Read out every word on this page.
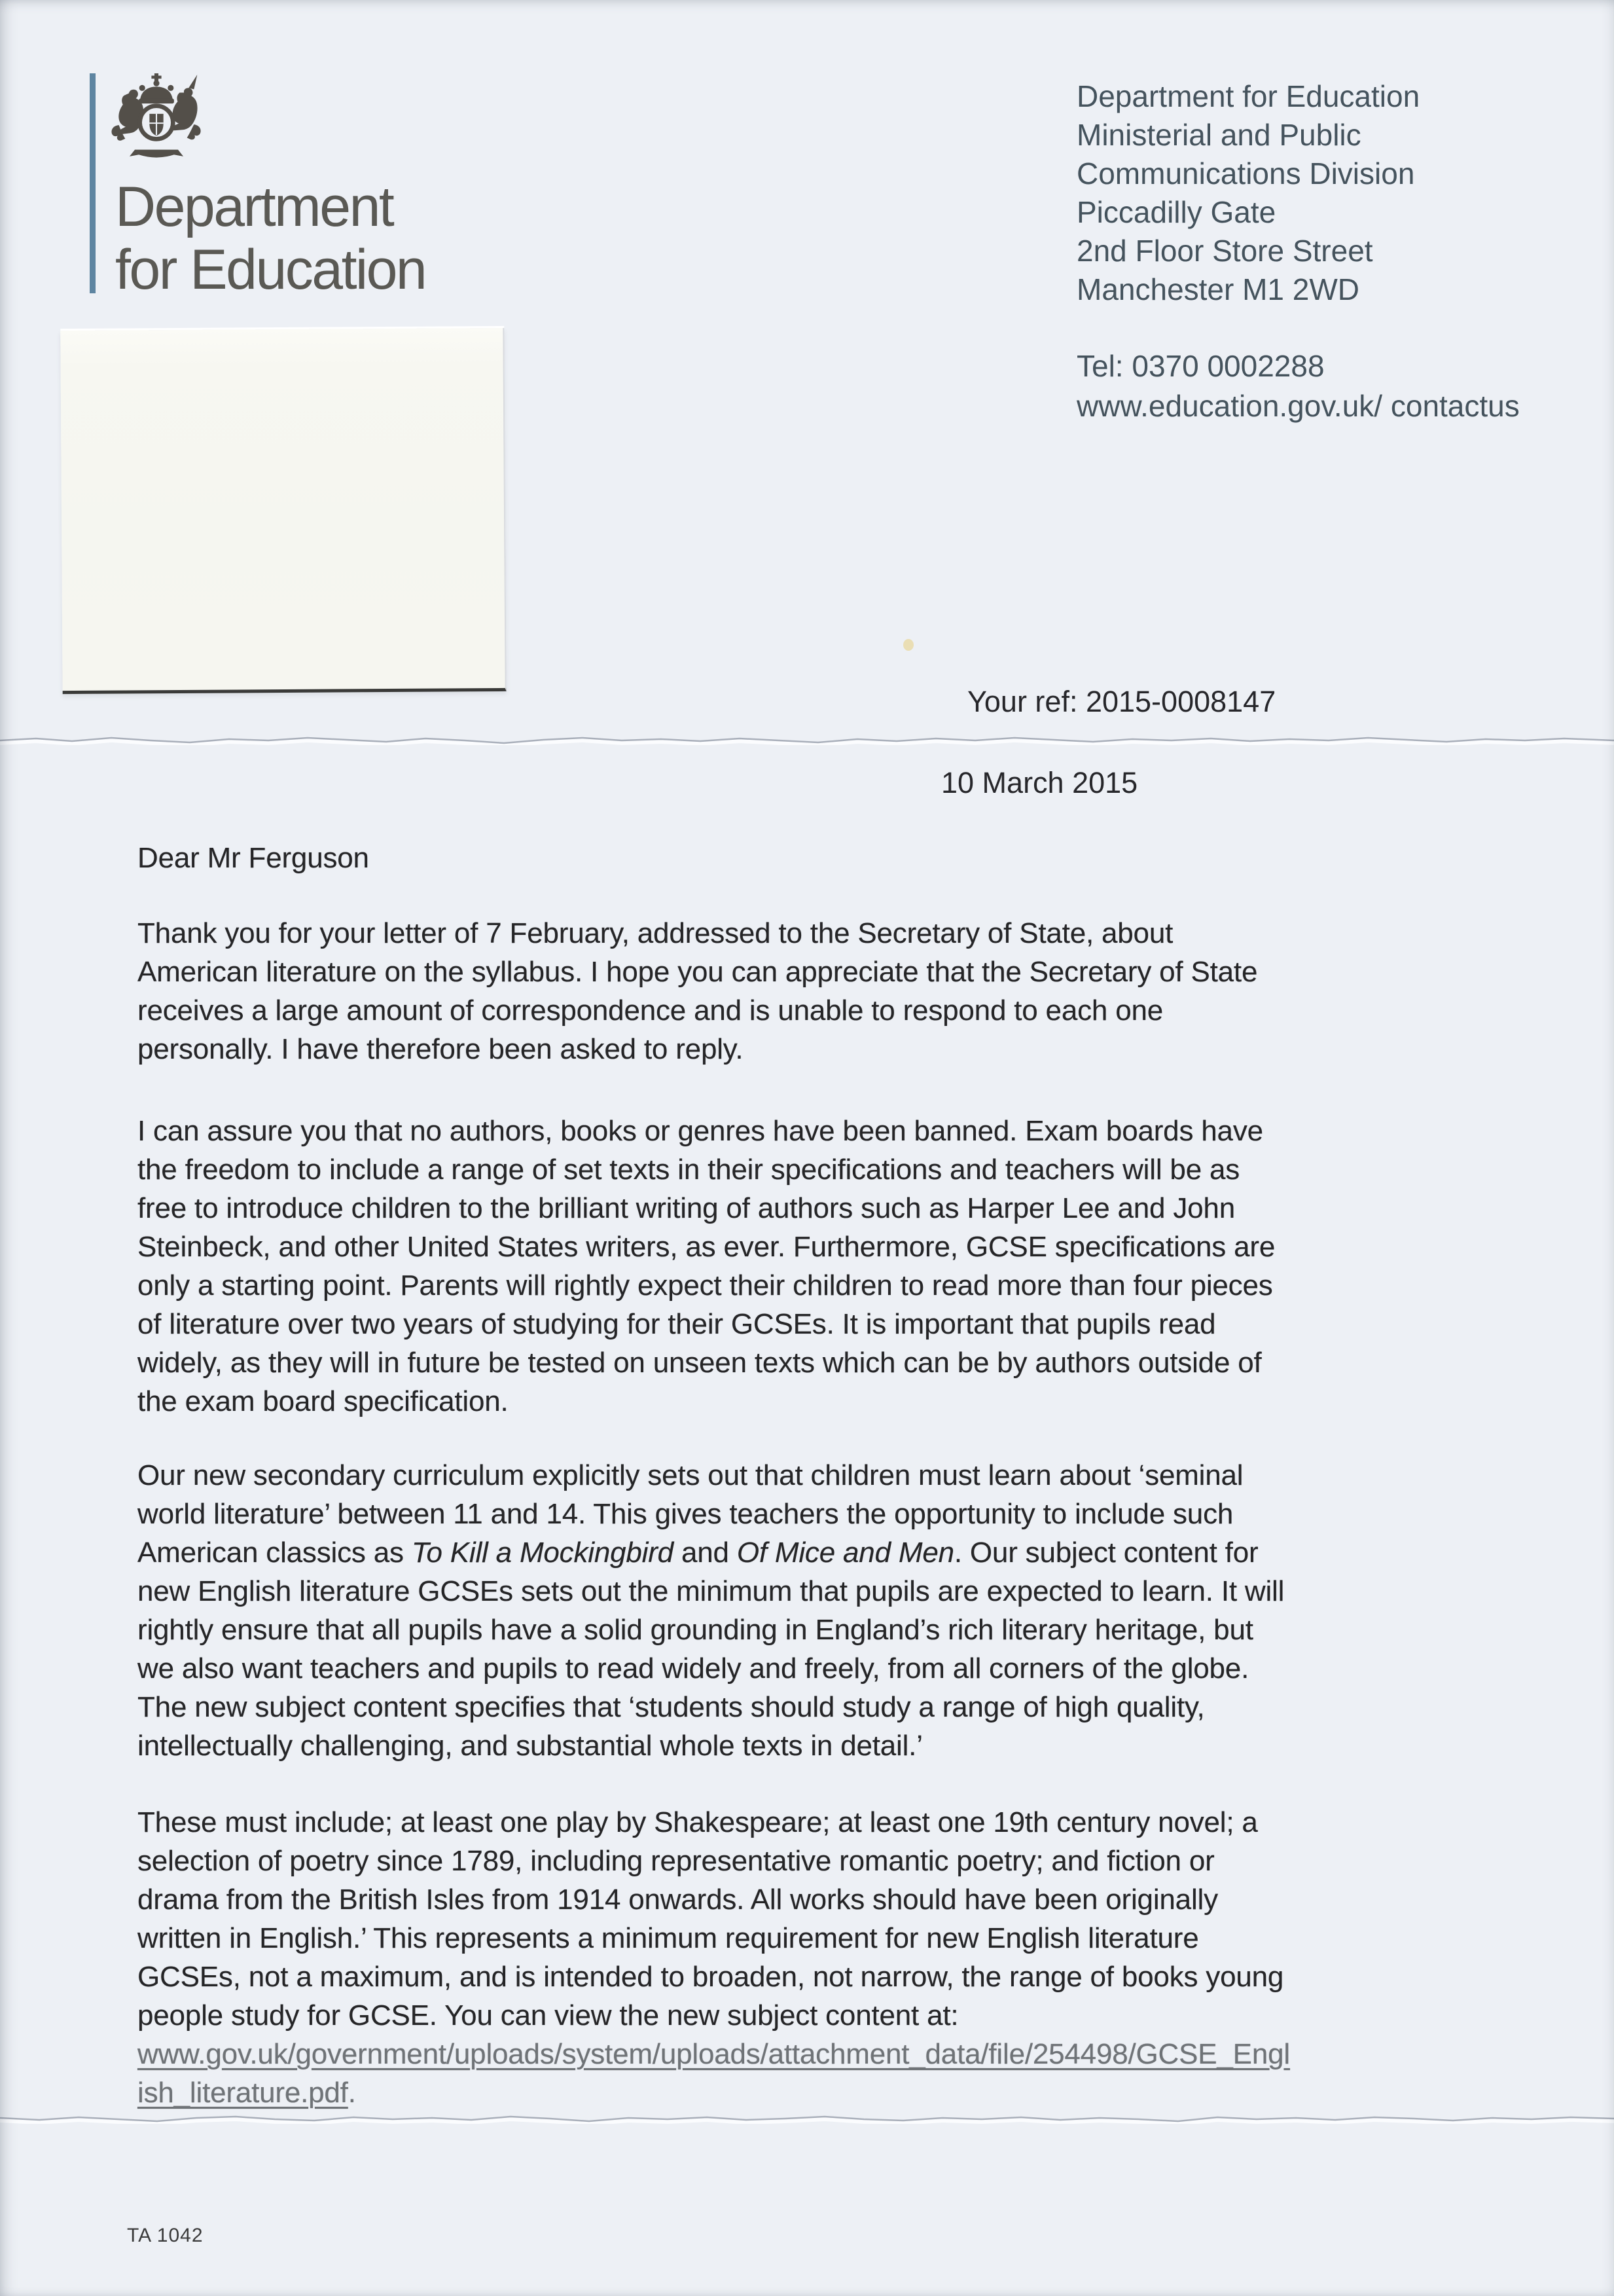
Department
for Education
Department for Education
Ministerial and Public
Communications Division
Piccadilly Gate
2nd Floor Store Street
Manchester M1 2WD
Tel: 0370 0002288
www.education.gov.uk/ contactus
Your ref: 2015-0008147
10 March 2015
Dear Mr Ferguson
Thank you for your letter of 7 February, addressed to the Secretary of State, about
American literature on the syllabus. I hope you can appreciate that the Secretary of State
receives a large amount of correspondence and is unable to respond to each one
personally. I have therefore been asked to reply.
I can assure you that no authors, books or genres have been banned. Exam boards have
the freedom to include a range of set texts in their specifications and teachers will be as
free to introduce children to the brilliant writing of authors such as Harper Lee and John
Steinbeck, and other United States writers, as ever. Furthermore, GCSE specifications are
only a starting point. Parents will rightly expect their children to read more than four pieces
of literature over two years of studying for their GCSEs. It is important that pupils read
widely, as they will in future be tested on unseen texts which can be by authors outside of
the exam board specification.
Our new secondary curriculum explicitly sets out that children must learn about ‘seminal
world literature’ between 11 and 14. This gives teachers the opportunity to include such
American classics as To Kill a Mockingbird and Of Mice and Men. Our subject content for
new English literature GCSEs sets out the minimum that pupils are expected to learn. It will
rightly ensure that all pupils have a solid grounding in England’s rich literary heritage, but
we also want teachers and pupils to read widely and freely, from all corners of the globe.
The new subject content specifies that ‘students should study a range of high quality,
intellectually challenging, and substantial whole texts in detail.’
These must include; at least one play by Shakespeare; at least one 19th century novel; a
selection of poetry since 1789, including representative romantic poetry; and fiction or
drama from the British Isles from 1914 onwards. All works should have been originally
written in English.’ This represents a minimum requirement for new English literature
GCSEs, not a maximum, and is intended to broaden, not narrow, the range of books young
people study for GCSE. You can view the new subject content at:
www.gov.uk/government/uploads/system/uploads/attachment_data/file/254498/GCSE_Engl
ish_literature.pdf.
TA 1042
